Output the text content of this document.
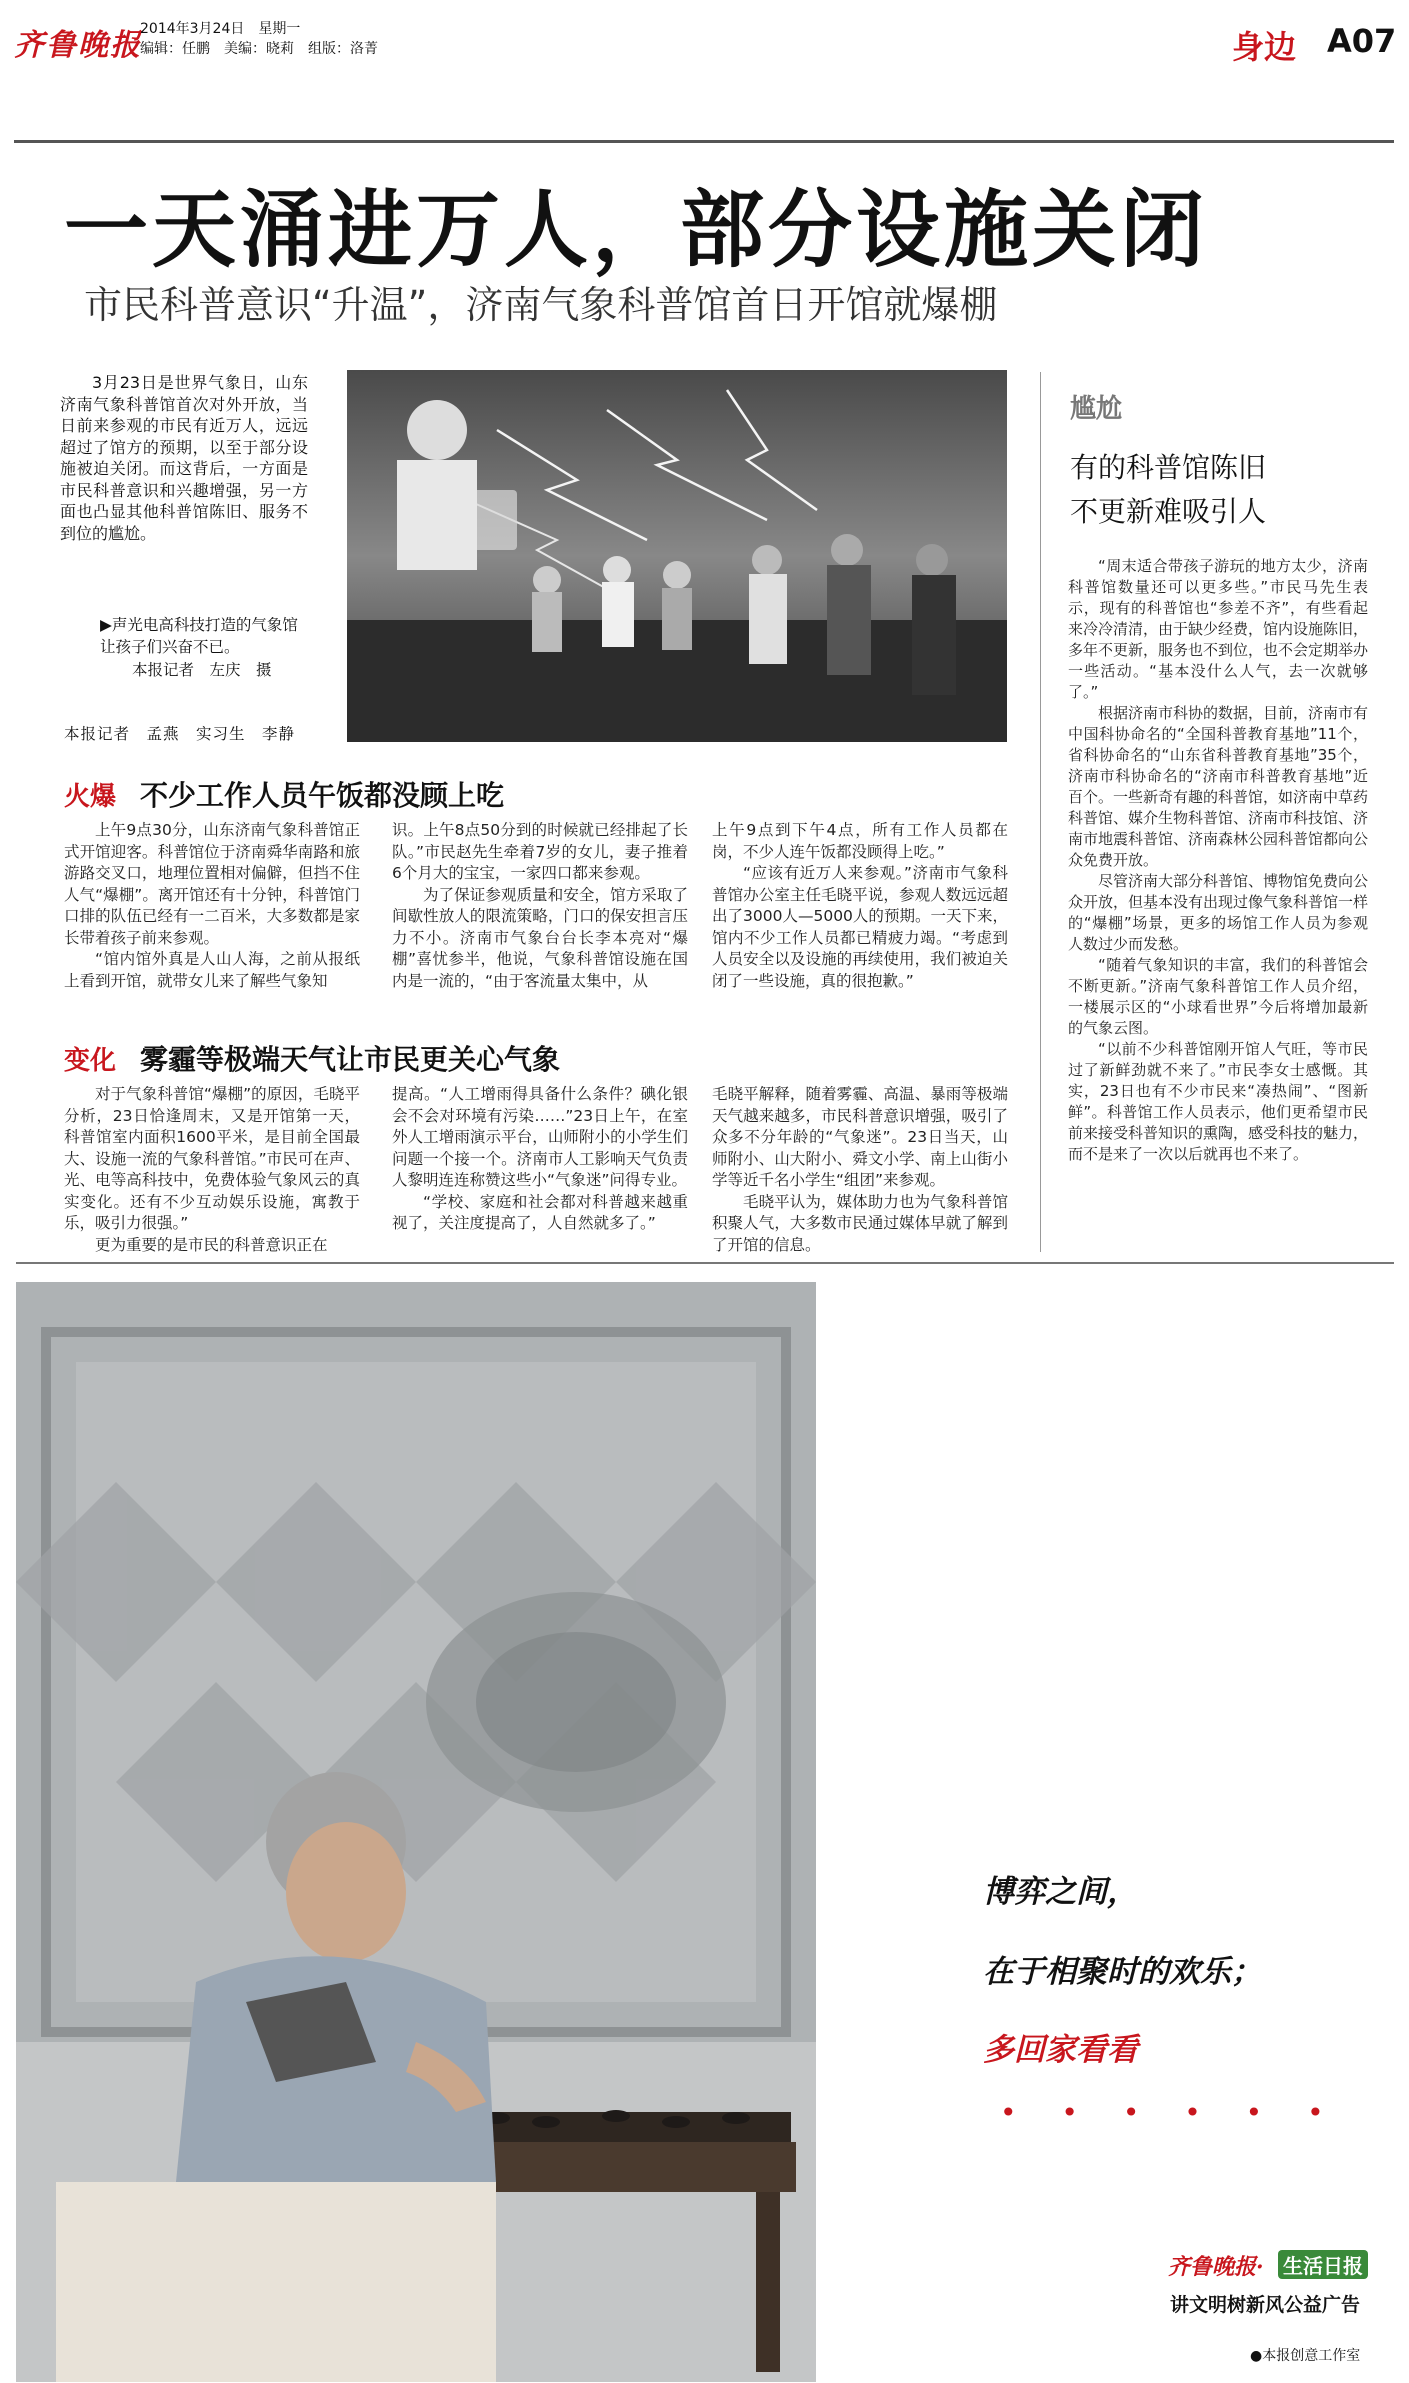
齐鲁晚报
2014年3月24日　星期一
编辑：任鹏　美编：晓莉　组版：洛菁	身边 A07
一天涌进万人，部分设施关闭
市民科普意识“升温”，济南气象科普馆首日开馆就爆棚
3月23日是世界气象日，山东济南气象科普馆首次对外开放，当日前来参观的市民有近万人，远远超过了馆方的预期，以至于部分设施被迫关闭。而这背后，一方面是市民科普意识和兴趣增强，另一方面也凸显其他科普馆陈旧、服务不到位的尴尬。
▶声光电高科技打造的气象馆让孩子们兴奋不已。
本报记者　左庆　摄
本报记者　孟燕　实习生　李静
火爆 不少工作人员午饭都没顾上吃

上午9点30分，山东济南气象科普馆正式开馆迎客。科普馆位于济南舜华南路和旅游路交叉口，地理位置相对偏僻，但挡不住人气“爆棚”。离开馆还有十分钟，科普馆门口排的队伍已经有一二百米，大多数都是家长带着孩子前来参观。

“馆内馆外真是人山人海，之前从报纸上看到开馆，就带女儿来了解些气象知

识。上午8点50分到的时候就已经排起了长队。”市民赵先生牵着7岁的女儿，妻子推着6个月大的宝宝，一家四口都来参观。

为了保证参观质量和安全，馆方采取了间歇性放人的限流策略，门口的保安担言压力不小。济南市气象台台长李本亮对“爆棚”喜忧参半，他说，气象科普馆设施在国内是一流的，“由于客流量太集中，从

上午9点到下午4点，所有工作人员都在岗，不少人连午饭都没顾得上吃。”

“应该有近万人来参观。”济南市气象科普馆办公室主任毛晓平说，参观人数远远超出了3000人—5000人的预期。一天下来，馆内不少工作人员都已精疲力竭。“考虑到人员安全以及设施的再续使用，我们被迫关闭了一些设施，真的很抱歉。”

变化 雾霾等极端天气让市民更关心气象

对于气象科普馆“爆棚”的原因，毛晓平分析，23日恰逢周末，又是开馆第一天，科普馆室内面积1600平米，是目前全国最大、设施一流的气象科普馆。”市民可在声、光、电等高科技中，免费体验气象风云的真实变化。还有不少互动娱乐设施，寓教于乐，吸引力很强。”

更为重要的是市民的科普意识正在

提高。“人工增雨得具备什么条件？碘化银会不会对环境有污染……”23日上午，在室外人工增雨演示平台，山师附小的小学生们问题一个接一个。济南市人工影响天气负责人黎明连连称赞这些小“气象迷”问得专业。

“学校、家庭和社会都对科普越来越重视了，关注度提高了，人自然就多了。”

毛晓平解释，随着雾霾、高温、暴雨等极端天气越来越多，市民科普意识增强，吸引了众多不分年龄的“气象迷”。23日当天，山师附小、山大附小、舜文小学、南上山街小学等近千名小学生“组团”来参观。

毛晓平认为，媒体助力也为气象科普馆积聚人气，大多数市民通过媒体早就了解到了开馆的信息。

尴尬
有的科普馆陈旧
不更新难吸引人

“周末适合带孩子游玩的地方太少，济南科普馆数量还可以更多些。”市民马先生表示，现有的科普馆也“参差不齐”，有些看起来冷冷清清，由于缺少经费，馆内设施陈旧，多年不更新，服务也不到位，也不会定期举办一些活动。“基本没什么人气，去一次就够了。”

根据济南市科协的数据，目前，济南市有中国科协命名的“全国科普教育基地”11个，省科协命名的“山东省科普教育基地”35个，济南市科协命名的“济南市科普教育基地”近百个。一些新奇有趣的科普馆，如济南中草药科普馆、媒介生物科普馆、济南市科技馆、济南市地震科普馆、济南森林公园科普馆都向公众免费开放。

尽管济南大部分科普馆、博物馆免费向公众开放，但基本没有出现过像气象科普馆一样的“爆棚”场景，更多的场馆工作人员为参观人数过少而发愁。

“随着气象知识的丰富，我们的科普馆会不断更新。”济南气象科普馆工作人员介绍，一楼展示区的“小球看世界”今后将增加最新的气象云图。

“以前不少科普馆刚开馆人气旺，等市民过了新鲜劲就不来了。”市民李女士感慨。其实，23日也有不少市民来“凑热闹”、“图新鲜”。科普馆工作人员表示，他们更希望市民前来接受科普知识的熏陶，感受科技的魅力，而不是来了一次以后就再也不来了。

博弈之间，
在于相聚时的欢乐；
多回家看看
• • • • • •
齐鲁晚报· 生活日报
讲文明树新风公益广告
●本报创意工作室
